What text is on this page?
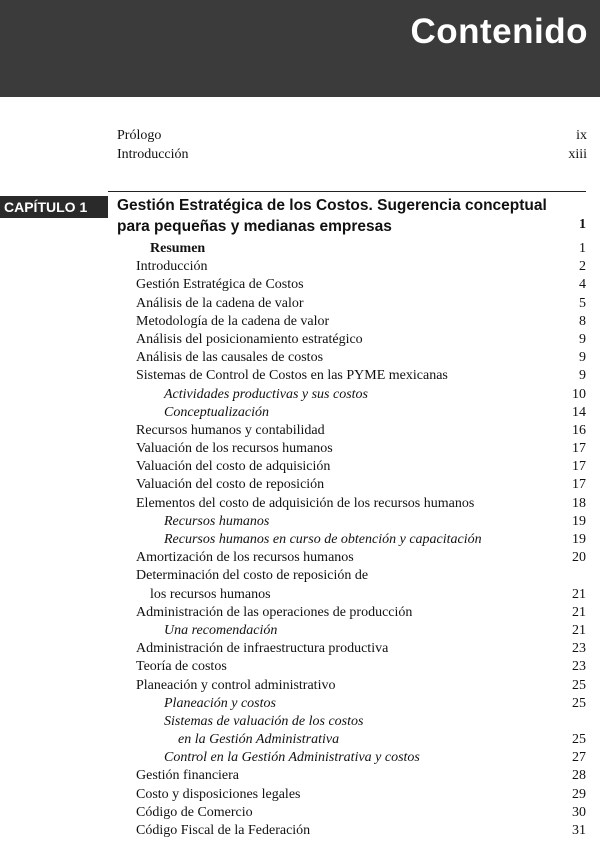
Contenido
Prólogo	ix
Introducción	xiii
CAPÍTULO 1	Gestión Estratégica de los Costos. Sugerencia conceptual para pequeñas y medianas empresas	1
Resumen	1
Introducción	2
Gestión Estratégica de Costos	4
Análisis de la cadena de valor	5
Metodología de la cadena de valor	8
Análisis del posicionamiento estratégico	9
Análisis de las causales de costos	9
Sistemas de Control de Costos en las PYME mexicanas	9
Actividades productivas y sus costos	10
Conceptualización	14
Recursos humanos y contabilidad	16
Valuación de los recursos humanos	17
Valuación del costo de adquisición	17
Valuación del costo de reposición	17
Elementos del costo de adquisición de los recursos humanos	18
Recursos humanos	19
Recursos humanos en curso de obtención y capacitación	19
Amortización de los recursos humanos	20
Determinación del costo de reposición de
los recursos humanos	21
Administración de las operaciones de producción	21
Una recomendación	21
Administración de infraestructura productiva	23
Teoría de costos	23
Planeación y control administrativo	25
Planeación y costos	25
Sistemas de valuación de los costos
en la Gestión Administrativa	25
Control en la Gestión Administrativa y costos	27
Gestión financiera	28
Costo y disposiciones legales	29
Código de Comercio	30
Código Fiscal de la Federación	31
